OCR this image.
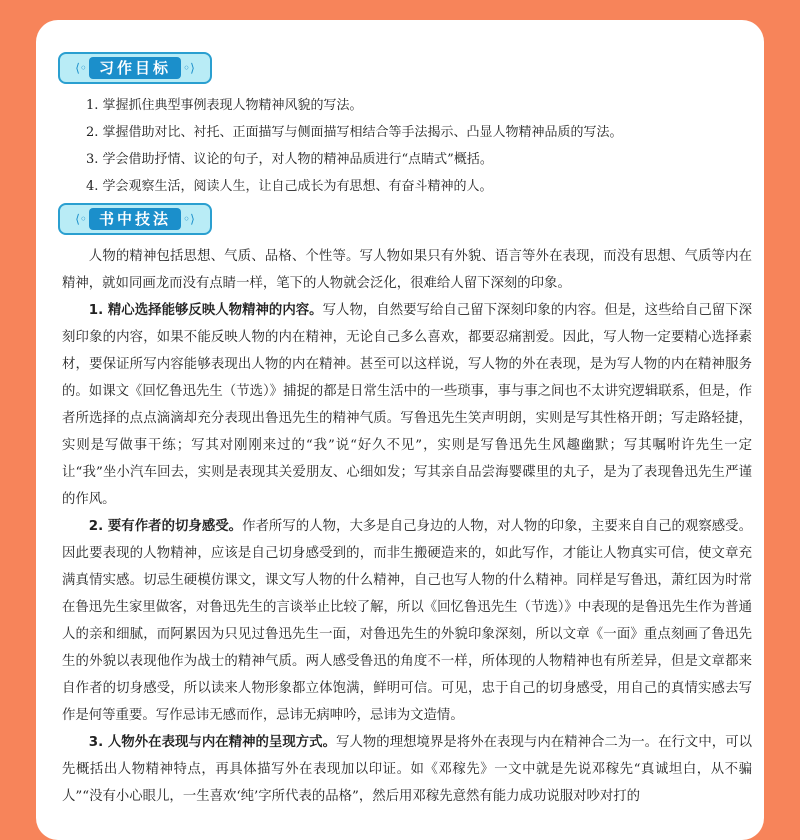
⟨◦ 习作目标	◦⟩
1. 掌握抓住典型事例表现人物精神风貌的写法。
2. 掌握借助对比、衬托、正面描写与侧面描写相结合等手法揭示、凸显人物精神品质的写法。
3. 学会借助抒情、议论的句子，对人物的精神品质进行“点睛式”概括。
4. 学会观察生活，阅读人生，让自己成长为有思想、有奋斗精神的人。
⟨◦ 书中技法	◦⟩

人物的精神包括思想、气质、品格、个性等。写人物如果只有外貌、语言等外在表现，而没有思想、气质等内在精神，就如同画龙而没有点睛一样，笔下的人物就会泛化，很难给人留下深刻的印象。

1. 精心选择能够反映人物精神的内容。写人物，自然要写给自己留下深刻印象的内容。但是，这些给自己留下深刻印象的内容，如果不能反映人物的内在精神，无论自己多么喜欢，都要忍痛割爱。因此，写人物一定要精心选择素材，要保证所写内容能够表现出人物的内在精神。甚至可以这样说，写人物的外在表现，是为写人物的内在精神服务的。如课文《回忆鲁迅先生（节选）》捕捉的都是日常生活中的一些琐事，事与事之间也不太讲究逻辑联系，但是，作者所选择的点点滴滴却充分表现出鲁迅先生的精神气质。写鲁迅先生笑声明朗，实则是写其性格开朗；写走路轻捷，实则是写做事干练；写其对刚刚来过的“我”说“好久不见”，实则是写鲁迅先生风趣幽默；写其嘱咐许先生一定让“我”坐小汽车回去，实则是表现其关爱朋友、心细如发；写其亲自品尝海婴碟里的丸子，是为了表现鲁迅先生严谨的作风。

2. 要有作者的切身感受。作者所写的人物，大多是自己身边的人物，对人物的印象，主要来自自己的观察感受。因此要表现的人物精神，应该是自己切身感受到的，而非生搬硬造来的，如此写作，才能让人物真实可信，使文章充满真情实感。切忌生硬模仿课文，课文写人物的什么精神，自己也写人物的什么精神。同样是写鲁迅，萧红因为时常在鲁迅先生家里做客，对鲁迅先生的言谈举止比较了解，所以《回忆鲁迅先生（节选）》中表现的是鲁迅先生作为普通人的亲和细腻，而阿累因为只见过鲁迅先生一面，对鲁迅先生的外貌印象深刻，所以文章《一面》重点刻画了鲁迅先生的外貌以表现他作为战士的精神气质。两人感受鲁迅的角度不一样，所体现的人物精神也有所差异，但是文章都来自作者的切身感受，所以读来人物形象都立体饱满，鲜明可信。可见，忠于自己的切身感受，用自己的真情实感去写作是何等重要。写作忌讳无感而作，忌讳无病呻吟，忌讳为文造情。

3. 人物外在表现与内在精神的呈现方式。写人物的理想境界是将外在表现与内在精神合二为一。在行文中，可以先概括出人物精神特点，再具体描写外在表现加以印证。如《邓稼先》一文中就是先说邓稼先“真诚坦白，从不骗人”“没有小心眼儿，一生喜欢‘纯’字所代表的品格”，然后用邓稼先意然有能力成功说服对吵对打的
